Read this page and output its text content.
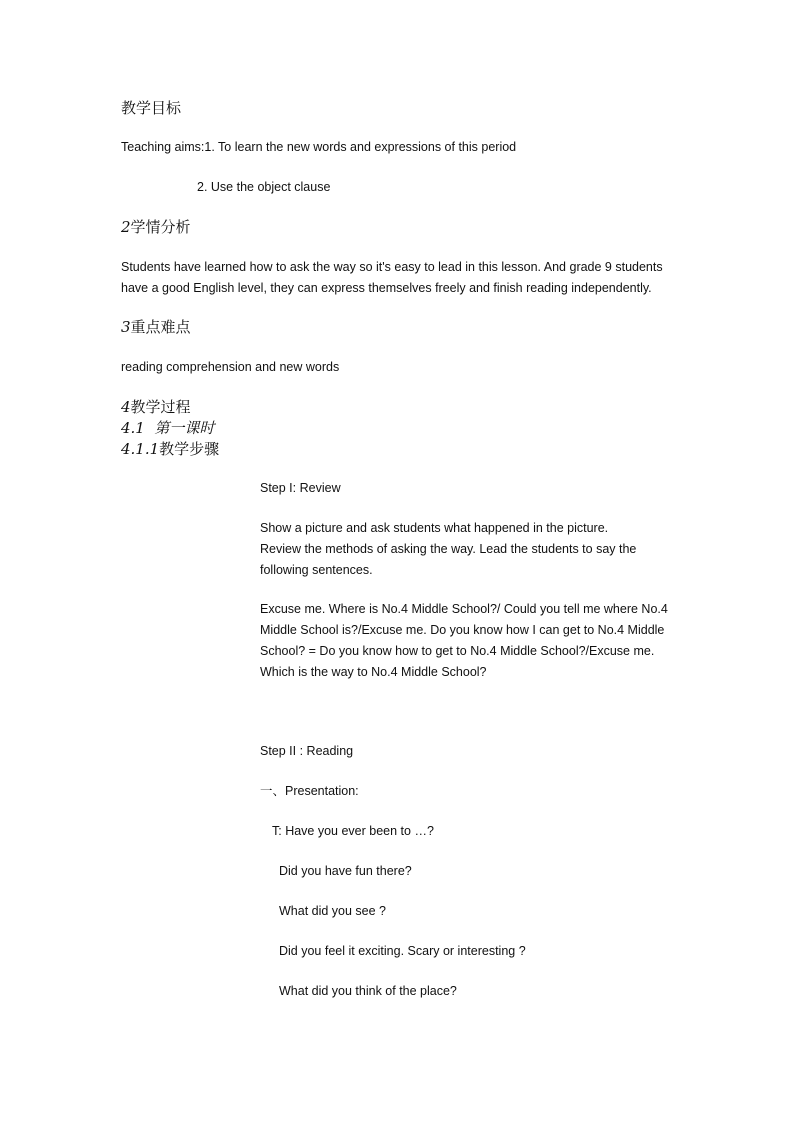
教学目标
Teaching aims:1. To learn the new words and expressions of this period
2. Use the object clause
2学情分析
Students have learned how to ask the way so it's easy to lead in this lesson. And grade 9 students
have a good English level, they can express themselves freely and finish reading independently.
3重点难点
reading comprehension and new words
4教学过程
4.1 第一课时
4.1.1教学步骤
Step I: Review
Show a picture and ask students what happened in the picture.
Review the methods of asking the way. Lead the students to say the
following sentences.
Excuse me. Where is No.4 Middle School?/ Could you tell me where No.4
Middle School is?/Excuse me. Do you know how I can get to No.4 Middle
School? = Do you know how to get to No.4 Middle School?/Excuse me.
Which is the way to No.4 Middle School?
Step II : Reading
一、Presentation:
T: Have you ever been to …?
Did you have fun there?
What did you see ?
Did you feel it exciting. Scary or interesting ?
What did you think of the place?
